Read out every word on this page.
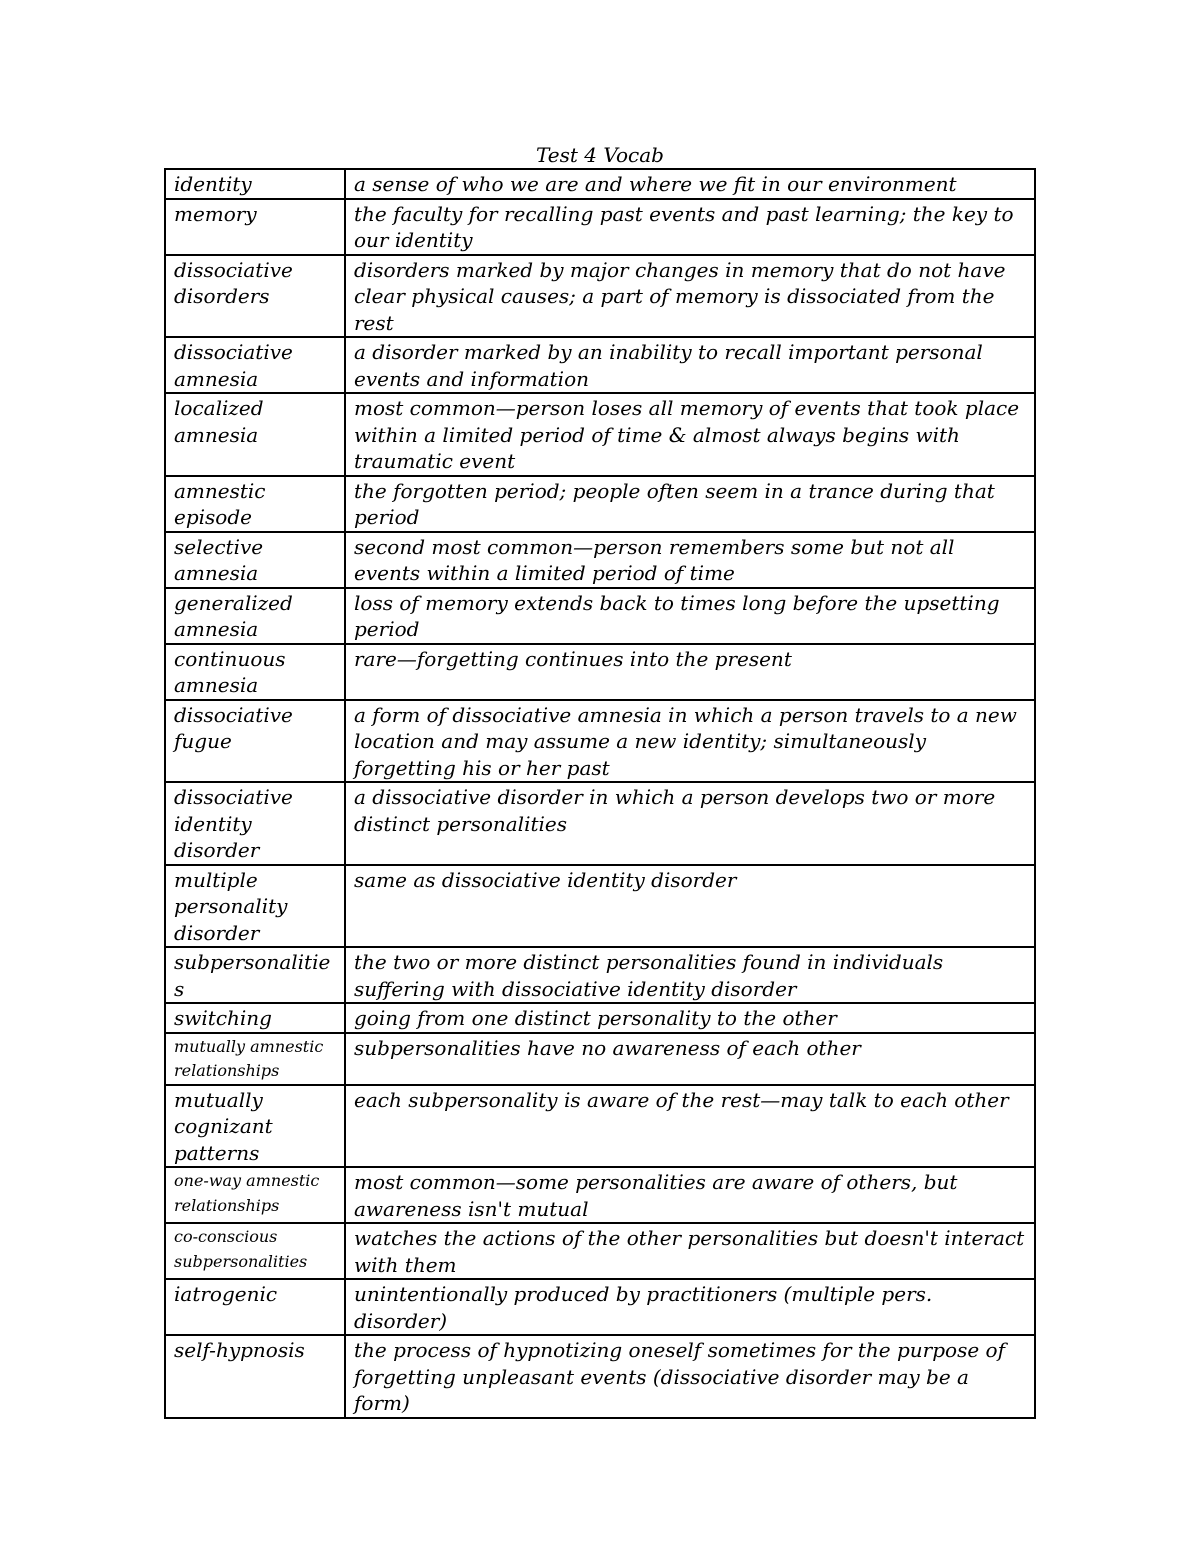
Test 4 Vocab
identity	a sense of who we are and where we fit in our environment

memory	the faculty for recalling past events and past learning; the key to our identity

dissociative disorders	disorders marked by major changes in memory that do not have clear physical causes; a part of memory is dissociated from the rest

dissociative amnesia	a disorder marked by an inability to recall important personal events and information

localized amnesia	most common—person loses all memory of events that took place within a limited period of time & almost always begins with traumatic event

amnestic episode	the forgotten period; people often seem in a trance during that period

selective amnesia	second most common—person remembers some but not all events within a limited period of time

generalized amnesia	loss of memory extends back to times long before the upsetting period

continuous amnesia	rare—forgetting continues into the present

dissociative fugue	a form of dissociative amnesia in which a person travels to a new location and may assume a new identity; simultaneously forgetting his or her past

dissociative identity disorder	a dissociative disorder in which a person develops two or more distinct personalities

multiple personality disorder	same as dissociative identity disorder

subpersonalitie s	the two or more distinct personalities found in individuals suffering with dissociative identity disorder

switching	going from one distinct personality to the other

mutually amnestic relationships	subpersonalities have no awareness of each other

mutually cognizant patterns	each subpersonality is aware of the rest—may talk to each other

one-way amnestic relationships	most common—some personalities are aware of others, but awareness isn't mutual

co-conscious subpersonalities	watches the actions of the other personalities but doesn't interact with them

iatrogenic	unintentionally produced by practitioners (multiple pers. disorder)

self-hypnosis	the process of hypnotizing oneself sometimes for the purpose of forgetting unpleasant events (dissociative disorder may be a form)
